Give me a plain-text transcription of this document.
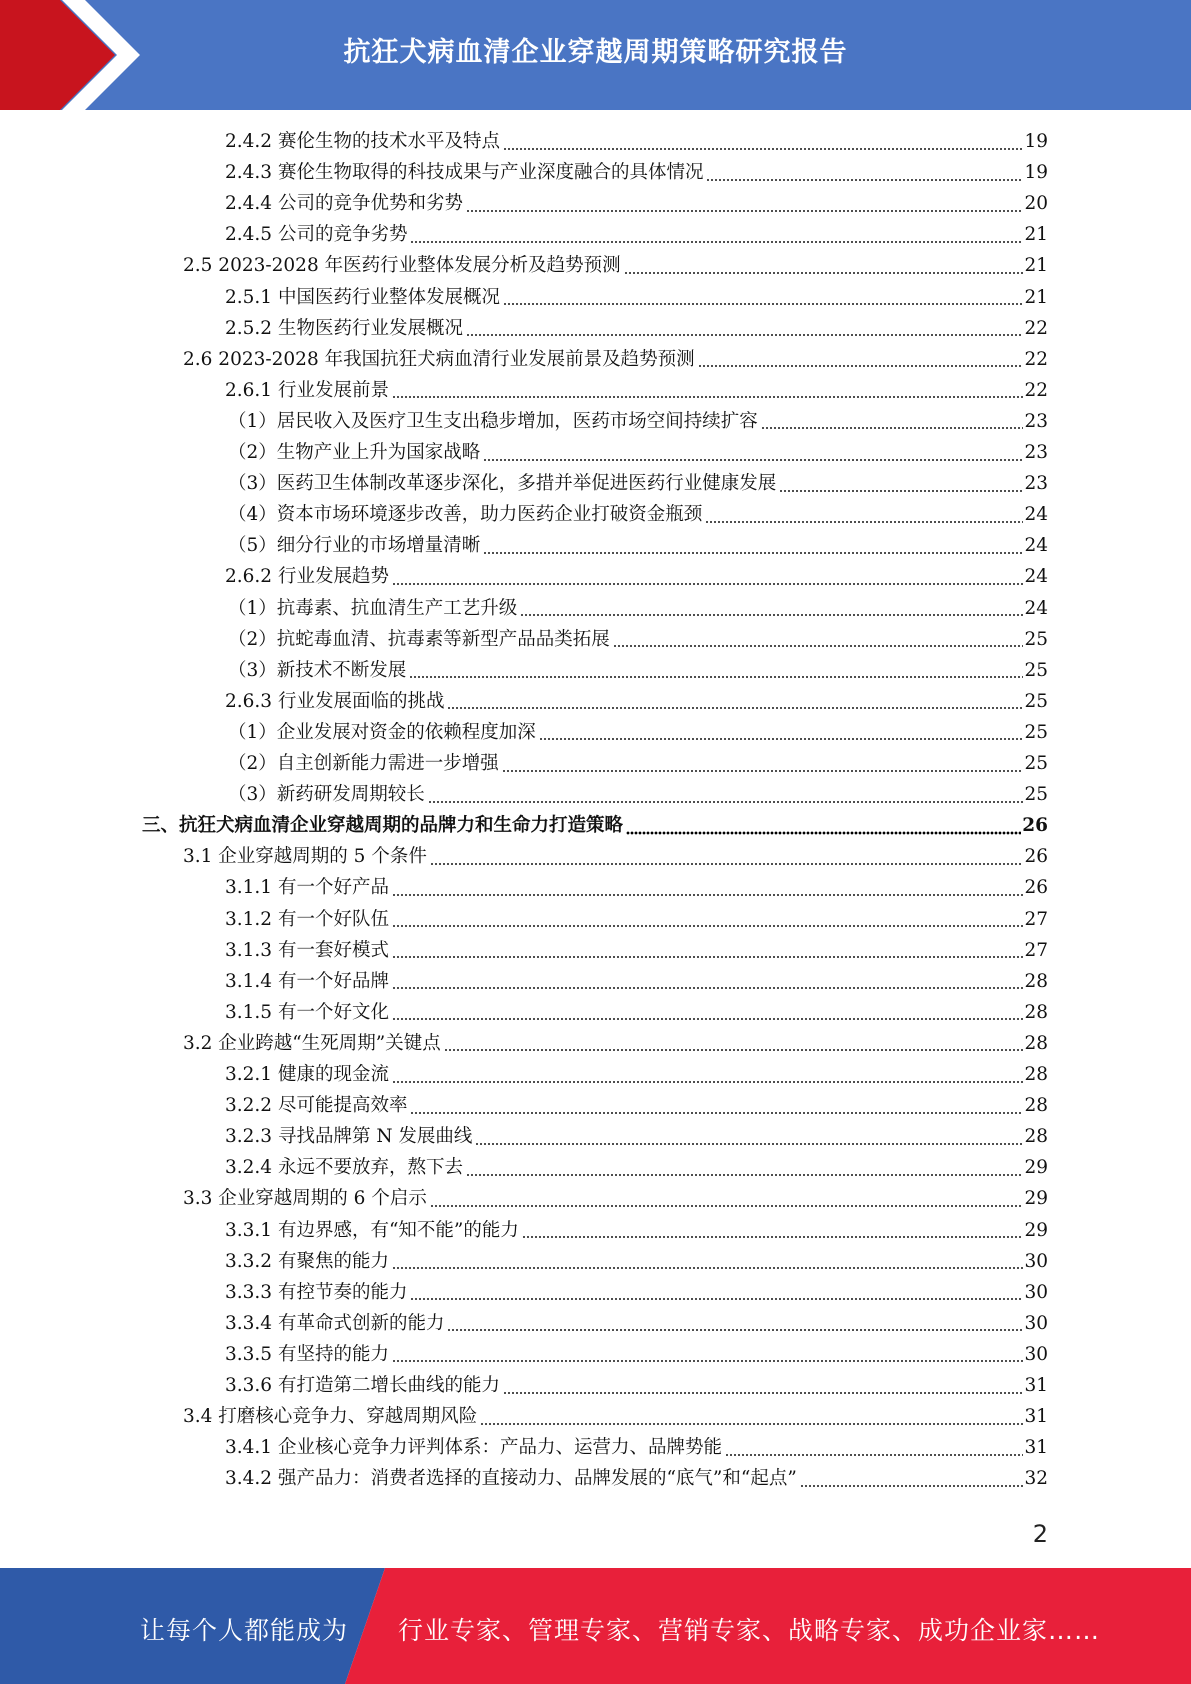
抗狂犬病血清企业穿越周期策略研究报告
2.4.2 赛伦生物的技术水平及特点	19
2.4.3 赛伦生物取得的科技成果与产业深度融合的具体情况	19
2.4.4 公司的竞争优势和劣势	20
2.4.5 公司的竞争劣势	21
2.5 2023-2028 年医药行业整体发展分析及趋势预测	21
2.5.1 中国医药行业整体发展概况	21
2.5.2 生物医药行业发展概况	22
2.6 2023-2028 年我国抗狂犬病血清行业发展前景及趋势预测	22
2.6.1 行业发展前景	22
（1）居民收入及医疗卫生支出稳步增加，医药市场空间持续扩容	23
（2）生物产业上升为国家战略	23
（3）医药卫生体制改革逐步深化，多措并举促进医药行业健康发展	23
（4）资本市场环境逐步改善，助力医药企业打破资金瓶颈	24
（5）细分行业的市场增量清晰	24
2.6.2 行业发展趋势	24
（1）抗毒素、抗血清生产工艺升级	24
（2）抗蛇毒血清、抗毒素等新型产品品类拓展	25
（3）新技术不断发展	25
2.6.3 行业发展面临的挑战	25
（1）企业发展对资金的依赖程度加深	25
（2）自主创新能力需进一步增强	25
（3）新药研发周期较长	25
三、抗狂犬病血清企业穿越周期的品牌力和生命力打造策略	26
3.1 企业穿越周期的 5 个条件	26
3.1.1 有一个好产品	26
3.1.2 有一个好队伍	27
3.1.3 有一套好模式	27
3.1.4 有一个好品牌	28
3.1.5 有一个好文化	28
3.2 企业跨越“生死周期”关键点	28
3.2.1 健康的现金流	28
3.2.2 尽可能提高效率	28
3.2.3 寻找品牌第 N 发展曲线	28
3.2.4 永远不要放弃，熬下去	29
3.3 企业穿越周期的 6 个启示	29
3.3.1 有边界感，有“知不能”的能力	29
3.3.2 有聚焦的能力	30
3.3.3 有控节奏的能力	30
3.3.4 有革命式创新的能力	30
3.3.5 有坚持的能力	30
3.3.6 有打造第二增长曲线的能力	31
3.4 打磨核心竞争力、穿越周期风险	31
3.4.1 企业核心竞争力评判体系：产品力、运营力、品牌势能	31
3.4.2 强产品力：消费者选择的直接动力、品牌发展的“底气”和“起点”	32
2
让每个人都能成为 行业专家、管理专家、营销专家、战略专家、成功企业家……
